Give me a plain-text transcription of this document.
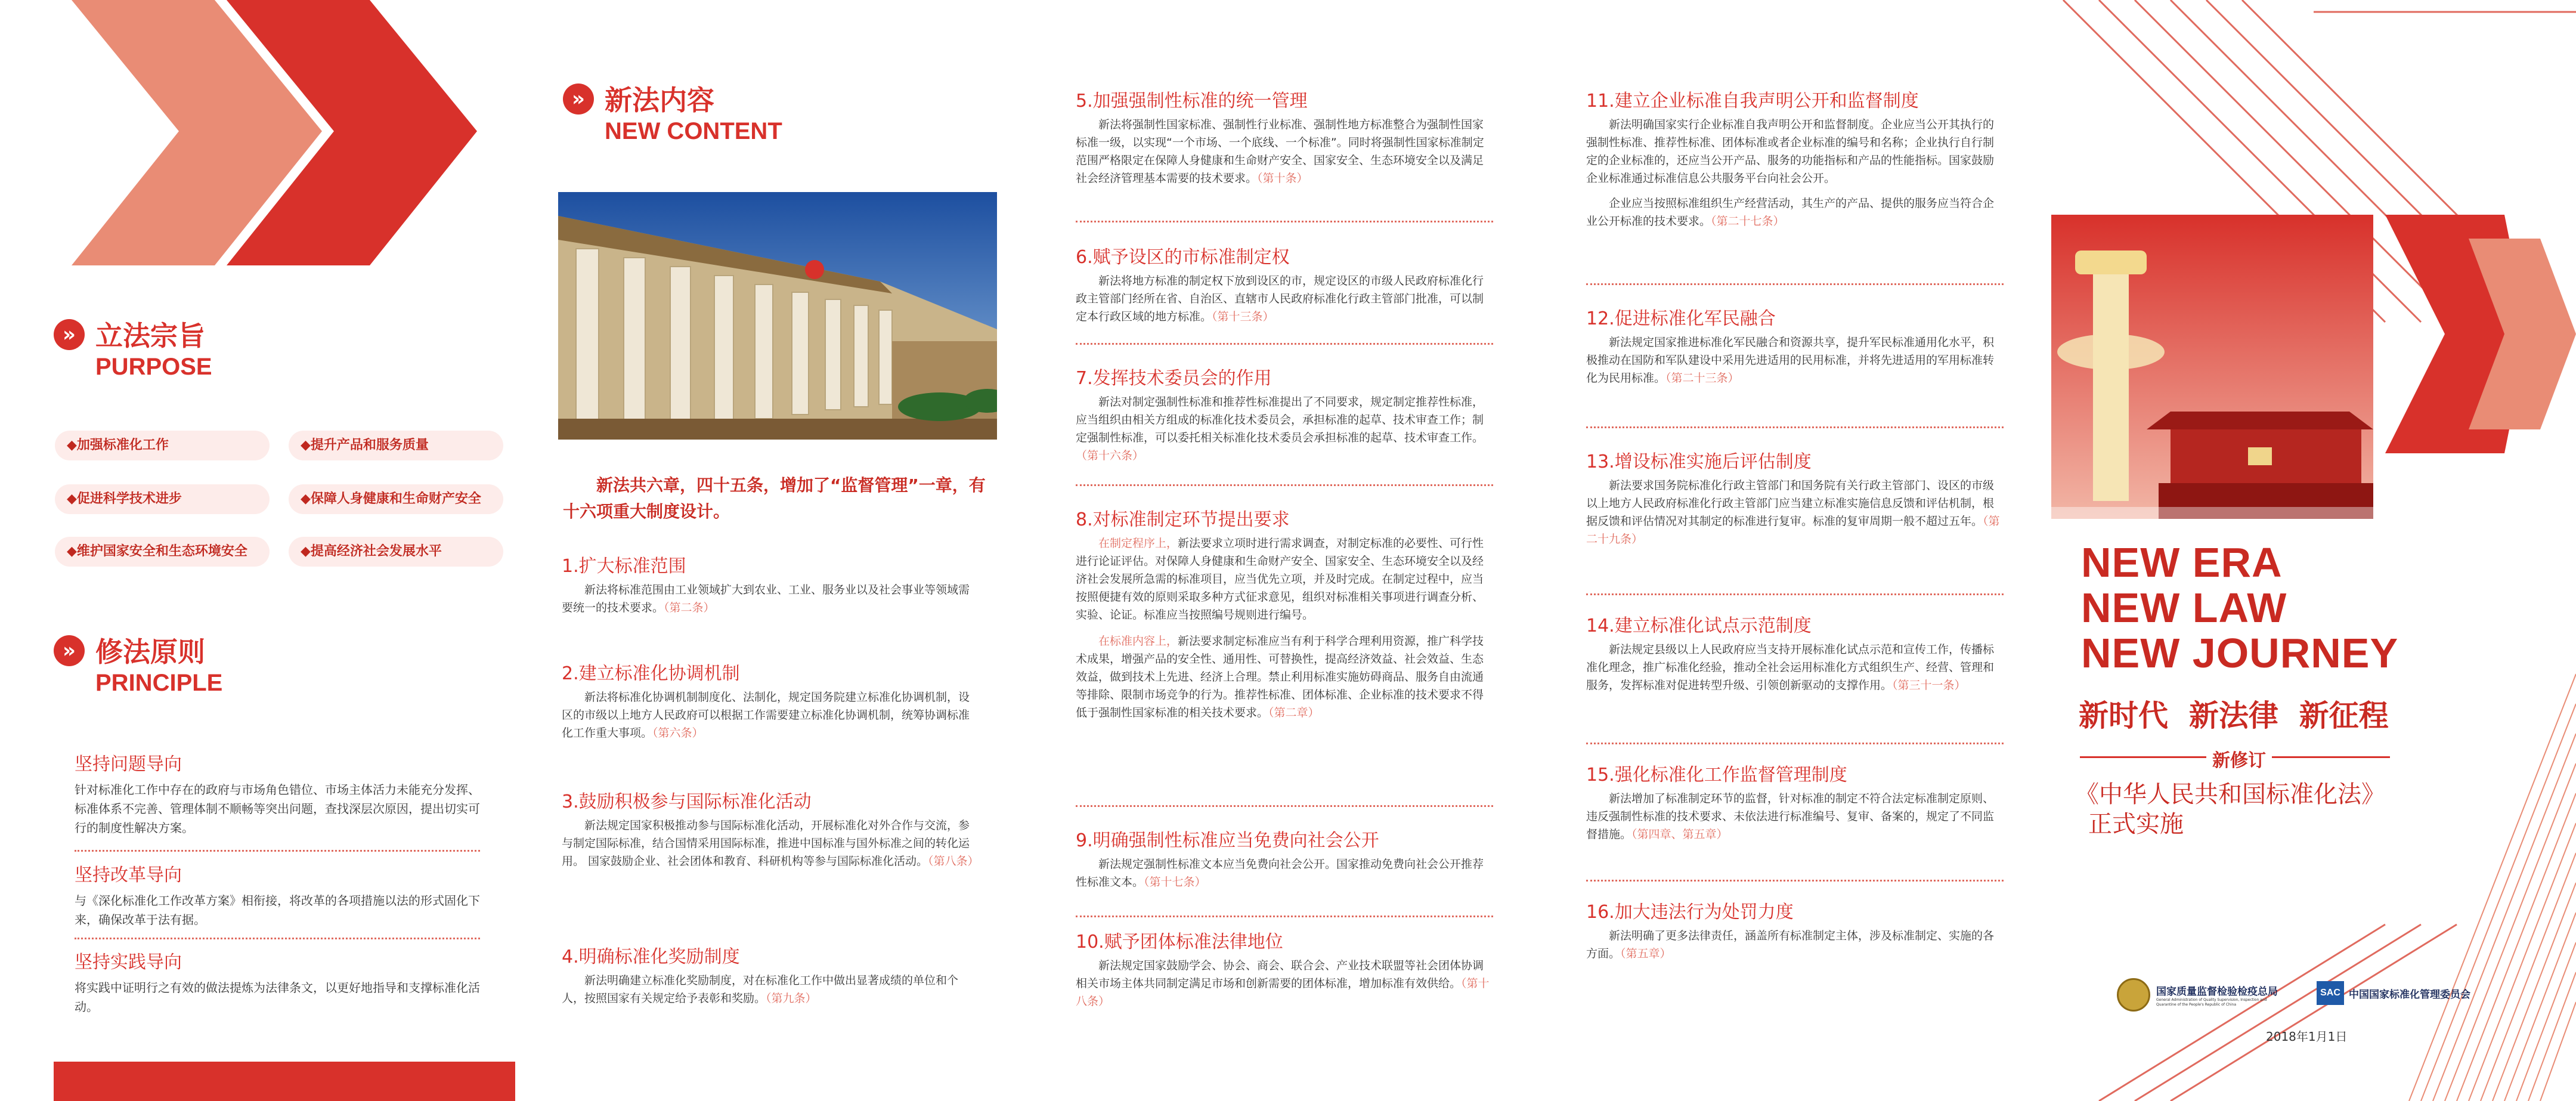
» 立法宗旨
PURPOSE
◆加强标准化工作	◆提升产品和服务质量
◆促进科学技术进步	◆保障人身健康和生命财产安全
◆维护国家安全和生态环境安全	◆提高经济社会发展水平
» 修法原则
PRINCIPLE
坚持问题导向

针对标准化工作中存在的政府与市场角色错位、市场主体活力未能充分发挥、标准体系不完善、管理体制不顺畅等突出问题，查找深层次原因，提出切实可行的制度性解决方案。

坚持改革导向

与《深化标准化工作改革方案》相衔接，将改革的各项措施以法的形式固化下来，确保改革于法有据。

坚持实践导向

将实践中证明行之有效的做法提炼为法律条文，以更好地指导和支撑标准化活动。

» 新法内容
NEW CONTENT

新法共六章，四十五条，增加了“监督管理”一章，有十六项重大制度设计。

1.扩大标准范围

新法将标准范围由工业领域扩大到农业、工业、服务业以及社会事业等领域需要统一的技术要求。（第二条）

2.建立标准化协调机制

新法将标准化协调机制制度化、法制化，规定国务院建立标准化协调机制，设区的市级以上地方人民政府可以根据工作需要建立标准化协调机制，统筹协调标准化工作重大事项。（第六条）

3.鼓励积极参与国际标准化活动

新法规定国家积极推动参与国际标准化活动，开展标准化对外合作与交流，参与制定国际标准，结合国情采用国际标准，推进中国标准与国外标准之间的转化运用。 国家鼓励企业、社会团体和教育、科研机构等参与国际标准化活动。（第八条）

4.明确标准化奖励制度

新法明确建立标准化奖励制度，对在标准化工作中做出显著成绩的单位和个人，按照国家有关规定给予表彰和奖励。（第九条）

5.加强强制性标准的统一管理

新法将强制性国家标准、强制性行业标准、强制性地方标准整合为强制性国家标准一级，以实现“一个市场、一个底线、一个标准”。同时将强制性国家标准制定范围严格限定在保障人身健康和生命财产安全、国家安全、生态环境安全以及满足社会经济管理基本需要的技术要求。（第十条）

6.赋予设区的市标准制定权

新法将地方标准的制定权下放到设区的市，规定设区的市级人民政府标准化行政主管部门经所在省、自治区、直辖市人民政府标准化行政主管部门批准，可以制定本行政区域的地方标准。（第十三条）

7.发挥技术委员会的作用

新法对制定强制性标准和推荐性标准提出了不同要求，规定制定推荐性标准，应当组织由相关方组成的标准化技术委员会，承担标准的起草、技术审查工作；制定强制性标准，可以委托相关标准化技术委员会承担标准的起草、技术审查工作。（第十六条）

8.对标准制定环节提出要求

在制定程序上，新法要求立项时进行需求调查，对制定标准的必要性、可行性进行论证评估。对保障人身健康和生命财产安全、国家安全、生态环境安全以及经济社会发展所急需的标准项目，应当优先立项，并及时完成。在制定过程中，应当按照便捷有效的原则采取多种方式征求意见，组织对标准相关事项进行调查分析、实验、论证。标准应当按照编号规则进行编号。

在标准内容上，新法要求制定标准应当有利于科学合理利用资源，推广科学技术成果，增强产品的安全性、通用性、可替换性，提高经济效益、社会效益、生态效益，做到技术上先进、经济上合理。禁止利用标准实施妨碍商品、服务自由流通等排除、限制市场竞争的行为。推荐性标准、团体标准、企业标准的技术要求不得低于强制性国家标准的相关技术要求。（第二章）

9.明确强制性标准应当免费向社会公开

新法规定强制性标准文本应当免费向社会公开。国家推动免费向社会公开推荐性标准文本。（第十七条）

10.赋予团体标准法律地位

新法规定国家鼓励学会、协会、商会、联合会、产业技术联盟等社会团体协调相关市场主体共同制定满足市场和创新需要的团体标准，增加标准有效供给。（第十八条）

11.建立企业标准自我声明公开和监督制度

新法明确国家实行企业标准自我声明公开和监督制度。企业应当公开其执行的强制性标准、推荐性标准、团体标准或者企业标准的编号和名称；企业执行自行制定的企业标准的，还应当公开产品、服务的功能指标和产品的性能指标。国家鼓励企业标准通过标准信息公共服务平台向社会公开。

企业应当按照标准组织生产经营活动，其生产的产品、提供的服务应当符合企业公开标准的技术要求。（第二十七条）

12.促进标准化军民融合

新法规定国家推进标准化军民融合和资源共享，提升军民标准通用化水平，积极推动在国防和军队建设中采用先进适用的民用标准，并将先进适用的军用标准转化为民用标准。（第二十三条）

13.增设标准实施后评估制度

新法要求国务院标准化行政主管部门和国务院有关行政主管部门、设区的市级以上地方人民政府标准化行政主管部门应当建立标准实施信息反馈和评估机制，根据反馈和评估情况对其制定的标准进行复审。标准的复审周期一般不超过五年。（第二十九条）

14.建立标准化试点示范制度

新法规定县级以上人民政府应当支持开展标准化试点示范和宣传工作，传播标准化理念，推广标准化经验，推动全社会运用标准化方式组织生产、经营、管理和服务，发挥标准对促进转型升级、引领创新驱动的支撑作用。（第三十一条）

15.强化标准化工作监督管理制度

新法增加了标准制定环节的监督，针对标准的制定不符合法定标准制定原则、违反强制性标准的技术要求、未依法进行标准编号、复审、备案的，规定了不同监督措施。（第四章、第五章）

16.加大违法行为处罚力度

新法明确了更多法律责任，涵盖所有标准制定主体，涉及标准制定、实施的各方面。（第五章）

NEW ERA
NEW LAW
NEW JOURNEY
新时代  新法律  新征程
新修订
《中华人民共和国标准化法》
正式实施
国家质量监督检验检疫总局
General Administration of Quality Supervision, Inspection and Quarantine of the People's Republic of China
SAC 中国国家标准化管理委员会
2018年1月1日
